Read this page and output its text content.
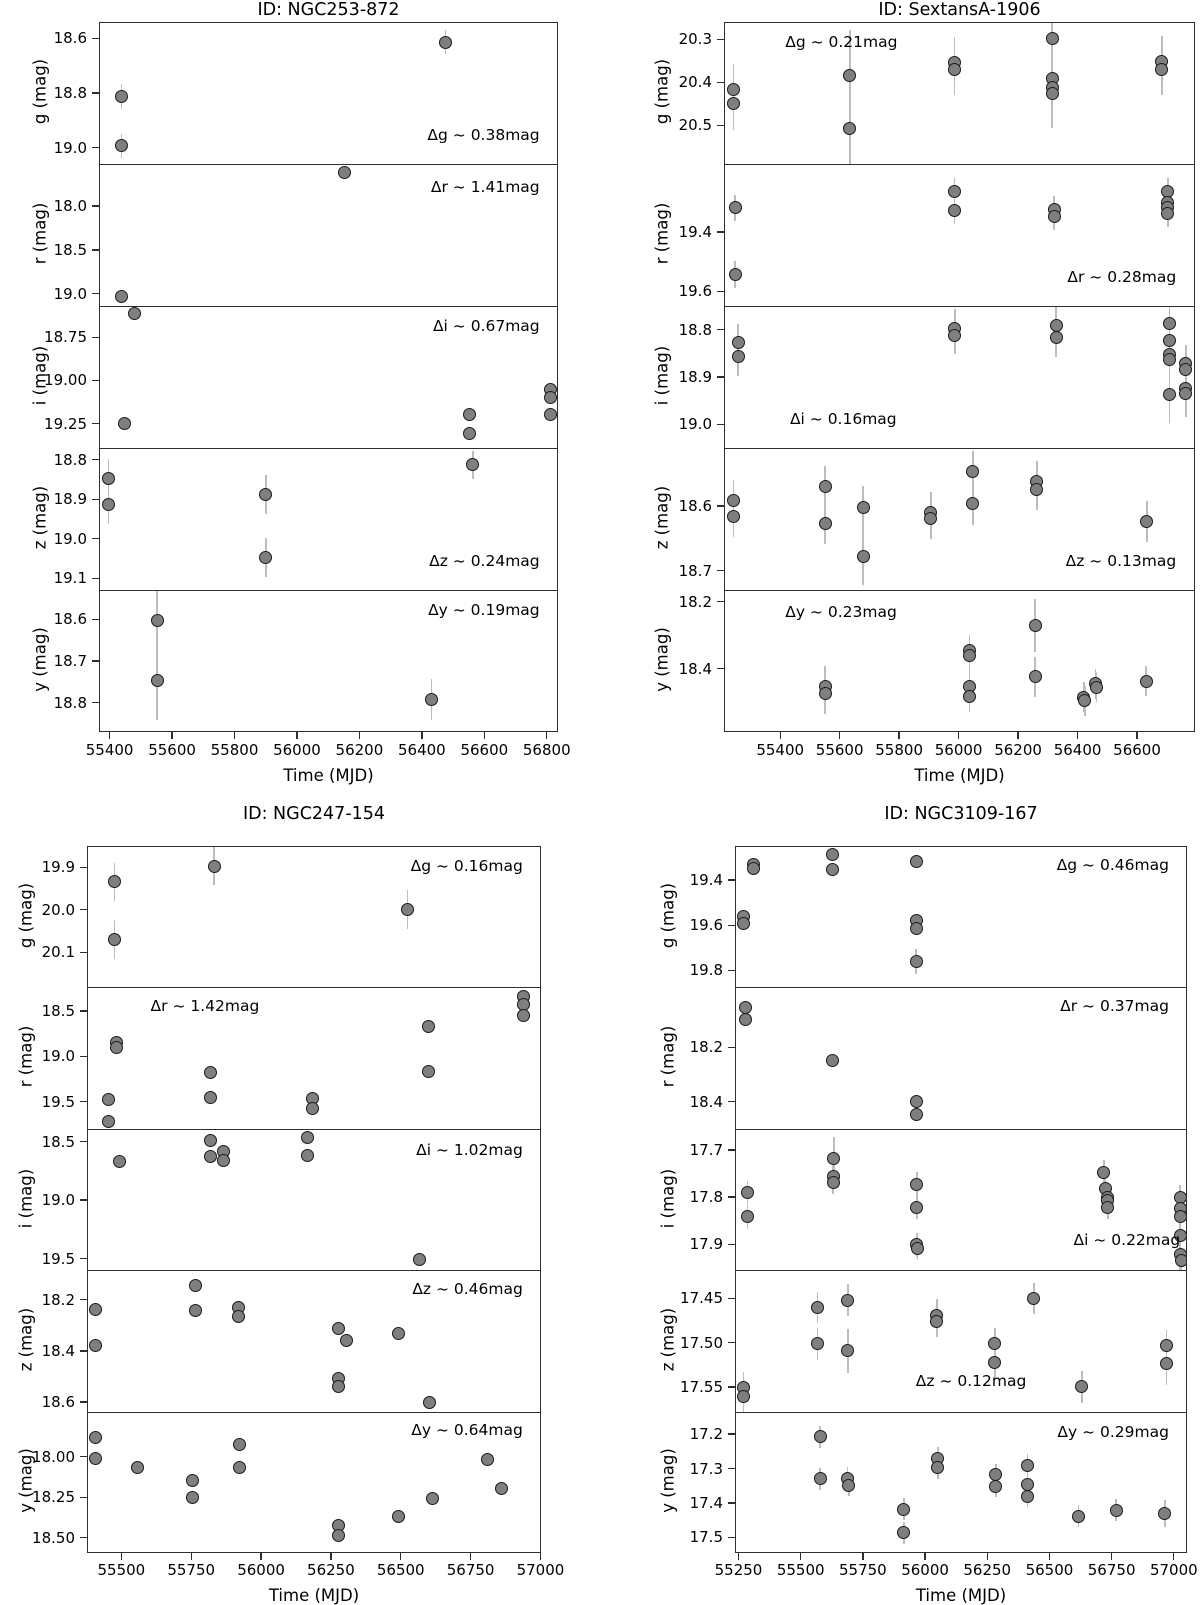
ID: NGC253-872
Time (MJD)
55400 55600 55800 56000 56200 56400 56600 56800
18.6
18.8
19.0
g (mag)
Δg ~ 0.38mag
18.0
18.5
19.0
r (mag)
Δr ~ 1.41mag
18.75
19.00
19.25
i (mag)
Δi ~ 0.67mag
18.8
18.9
19.0
19.1
z (mag)
Δz ~ 0.24mag
18.6
18.7
18.8
y (mag)
Δy ~ 0.19mag
ID: SextansA-1906
Time (MJD)
55400 55600 55800 56000 56200 56400 56600
20.3
20.4
20.5
g (mag)
Δg ~ 0.21mag
19.4
19.6
r (mag)
Δr ~ 0.28mag
18.8
18.9
19.0
i (mag)
Δi ~ 0.16mag
18.6
18.7
z (mag)
Δz ~ 0.13mag
18.2
18.4
y (mag)
Δy ~ 0.23mag
ID: NGC247-154
Time (MJD)
55500	55750	56000	56250	56500	56750	57000
19.9
20.0
20.1
g (mag)
Δg ~ 0.16mag
18.5
19.0
19.5
r (mag)
Δr ~ 1.42mag
18.5
19.0
19.5
i (mag)
Δi ~ 1.02mag
18.2
18.4
18.6
z (mag)
Δz ~ 0.46mag
18.00
18.25
18.50
y (mag)
Δy ~ 0.64mag
ID: NGC3109-167
Time (MJD)
55250 55500 55750 56000 56250 56500 56750 57000
19.4
19.6
19.8
g (mag)
Δg ~ 0.46mag
18.2
18.4
r (mag)
Δr ~ 0.37mag
17.7
17.8
17.9
i (mag)
Δi ~ 0.22mag
17.45
17.50
17.55
z (mag)
Δz ~ 0.12mag
17.2
17.3
17.4
17.5
y (mag)
Δy ~ 0.29mag
